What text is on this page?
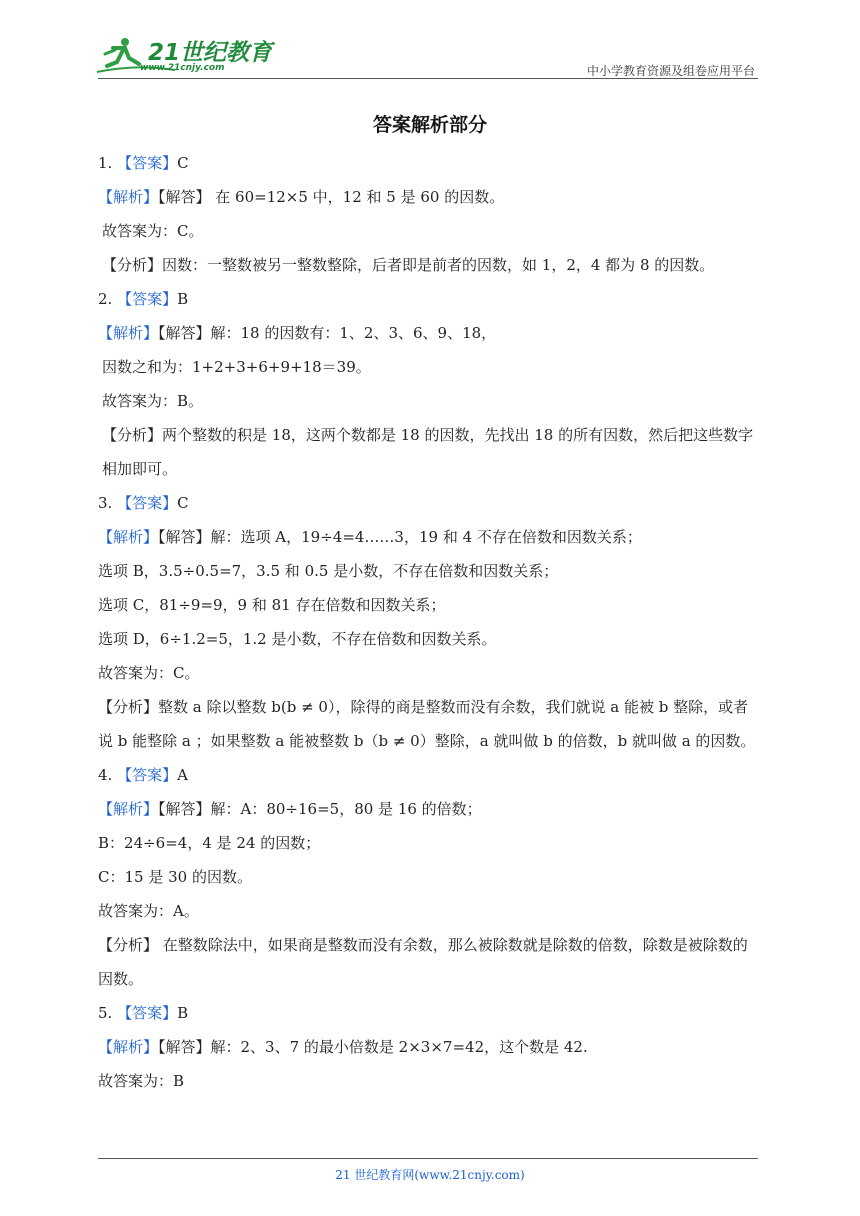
21世纪教育
www.21cnjy.com	中小学教育资源及组卷应用平台
答案解析部分
1. 【答案】C
【解析】【解答】 在 60=12×5 中，12 和 5 是 60 的因数。
故答案为：C。
【分析】因数：一整数被另一整数整除，后者即是前者的因数，如 1，2，4 都为 8 的因数。
2. 【答案】B
【解析】【解答】解：18 的因数有：1、2、3、6、9、18，
因数之和为：1+2+3+6+9+18＝39。
故答案为：B。
【分析】两个整数的积是 18，这两个数都是 18 的因数，先找出 18 的所有因数，然后把这些数字相加即可。
3. 【答案】C
【解析】【解答】解：选项 A，19÷4=4……3，19 和 4 不存在倍数和因数关系；
选项 B，3.5÷0.5=7，3.5 和 0.5 是小数，不存在倍数和因数关系；
选项 C，81÷9=9，9 和 81 存在倍数和因数关系；
选项 D，6÷1.2=5，1.2 是小数，不存在倍数和因数关系。
故答案为：C。
【分析】整数 a 除以整数 b(b ≠ 0），除得的商是整数而没有余数，我们就说 a 能被 b 整除，或者说 b 能整除 a ；如果整数 a 能被整数 b（b ≠ 0）整除，a 就叫做 b 的倍数，b 就叫做 a 的因数。
4. 【答案】A
【解析】【解答】解：A：80÷16=5，80 是 16 的倍数；
B：24÷6=4，4 是 24 的因数；
C：15 是 30 的因数。
故答案为：A。
【分析】 在整数除法中，如果商是整数而没有余数，那么被除数就是除数的倍数，除数是被除数的因数。
5. 【答案】B
【解析】【解答】解：2、3、7 的最小倍数是 2×3×7=42，这个数是 42.
故答案为：B
21 世纪教育网(www.21cnjy.com)
